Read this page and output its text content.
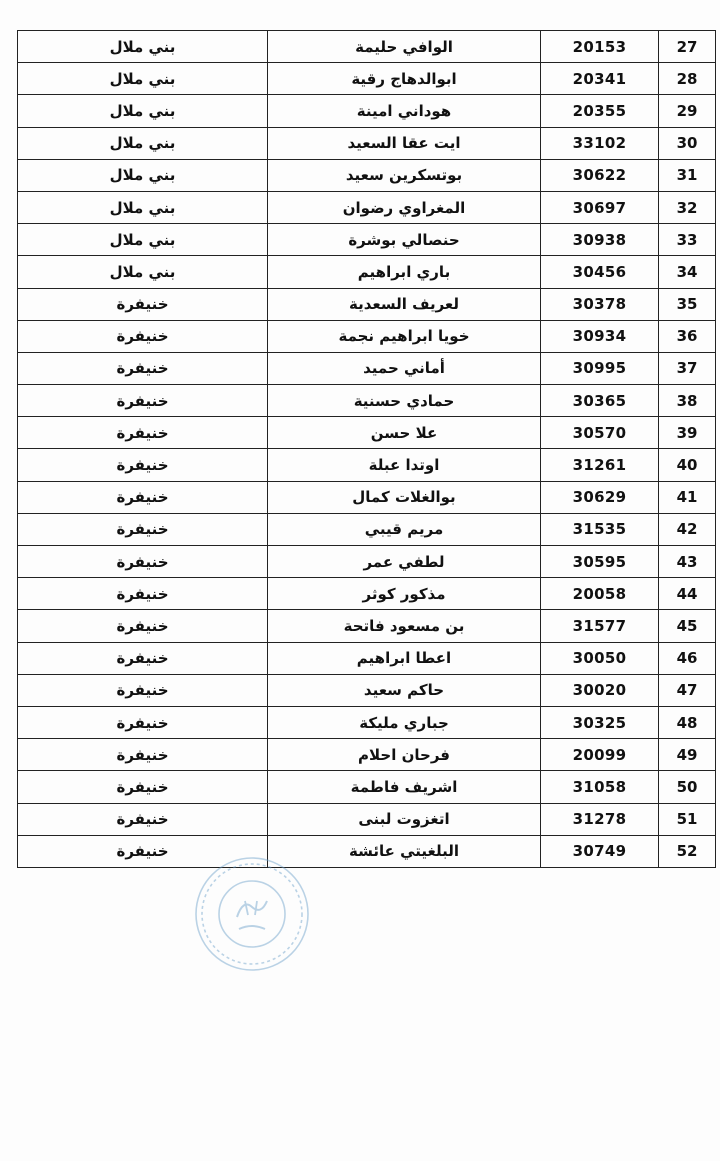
بني ملال	الوافي حليمة	20153	27
بني ملال	ابوالدهاج رقية	20341	28
بني ملال	هوداني امينة	20355	29
بني ملال	ايت عقا السعيد	33102	30
بني ملال	بوتسكرين سعيد	30622	31
بني ملال	المغراوي رضوان	30697	32
بني ملال	حنصالي بوشرة	30938	33
بني ملال	باري ابراهيم	30456	34
خنيفرة	لعريف السعدية	30378	35
خنيفرة	خويا ابراهيم نجمة	30934	36
خنيفرة	أماني حميد	30995	37
خنيفرة	حمادي حسنية	30365	38
خنيفرة	علا حسن	30570	39
خنيفرة	اوتدا عبلة	31261	40
خنيفرة	بوالغلات كمال	30629	41
خنيفرة	مريم قيبي	31535	42
خنيفرة	لطفي عمر	30595	43
خنيفرة	مذكور كوثر	20058	44
خنيفرة	بن مسعود فاتحة	31577	45
خنيفرة	اعطا ابراهيم	30050	46
خنيفرة	حاكم سعيد	30020	47
خنيفرة	جباري مليكة	30325	48
خنيفرة	فرحان احلام	20099	49
خنيفرة	اشريف فاطمة	31058	50
خنيفرة	اتغزوت لبنى	31278	51
خنيفرة	البلغيتي عائشة	30749	52
